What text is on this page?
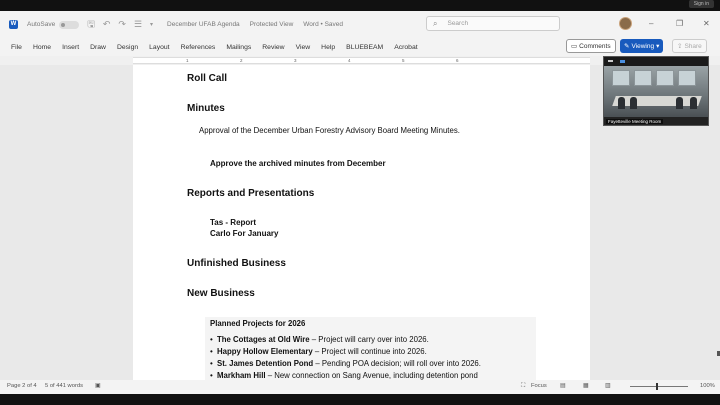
Sign in
W AutoSave	🖫 ↶ ↷ ☰ ▾ December UFAB Agenda Protected View Word • Saved	⌕ Search	–	❐ ✕
File Home Insert Draw Design Layout References Mailings Review View Help BLUEBEAM Acrobat	▭ Comments ✎ Viewing ▾	⇪ Share
1	2	3	4	5	6
Roll Call
Minutes
Approval of the December Urban Forestry Advisory Board Meeting Minutes.
Approve the archived minutes from December
Reports and Presentations
Tas - Report
Carlo For January
Unfinished Business
New Business
Planned Projects for 2026
• The Cottages at Old Wire – Project will carry over into 2026.
• Happy Hollow Elementary – Project will continue into 2026.
• St. James Detention Pond – Pending POA decision; will roll over into 2026.
• Markham Hill – New connection on Sang Avenue, including detention pond
Fayetteville Meeting Room
Page 2 of 4 5 of 441 words ▣	⛶ Focus ▤	▦	▥	100%
